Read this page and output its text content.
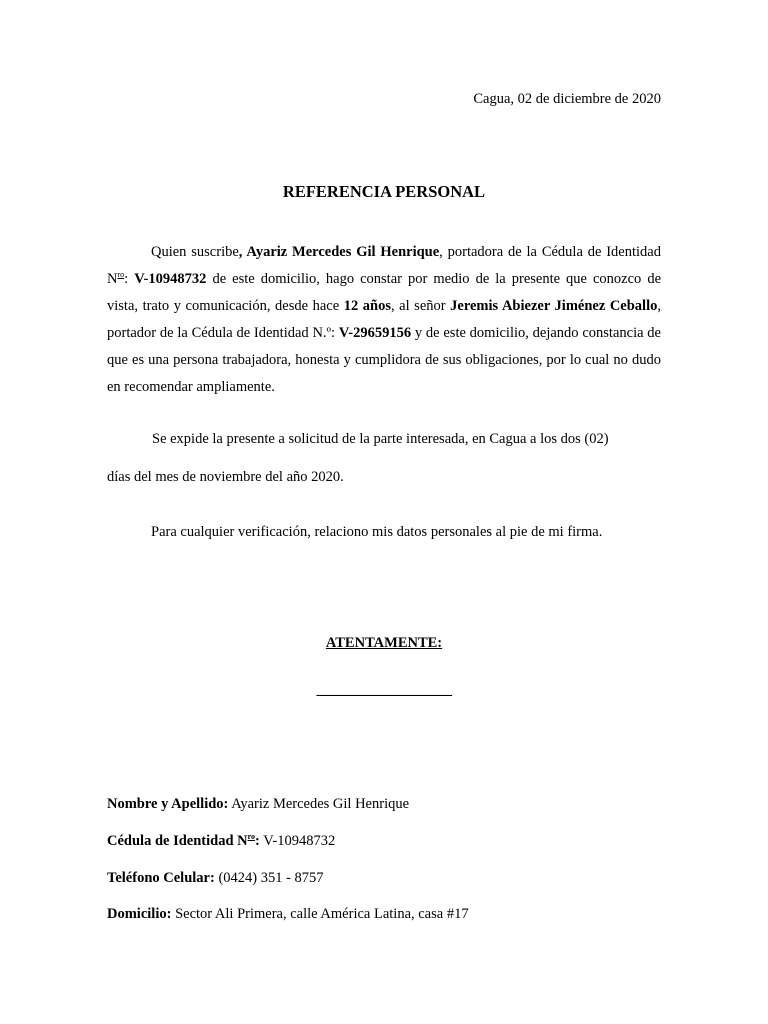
Cagua, 02 de diciembre de 2020
REFERENCIA PERSONAL

Quien suscribe, Ayariz Mercedes Gil Henrique, portadora de la Cédula de Identidad $N^{ro}$: V-10948732 de este domicilio, hago constar por medio de la presente que conozco de vista, trato y comunicación, desde hace 12 años, al señor Jeremis Abiezer Jiménez Ceballo, portador de la Cédula de Identidad N.º: V-29659156 y de este domicilio, dejando constancia de que es una persona trabajadora, honesta y cumplidora de sus obligaciones, por lo cual no dudo en recomendar ampliamente.

Se expide la presente a solicitud de la parte interesada, en Cagua a los dos (02)
días del mes de noviembre del año 2020.
Para cualquier verificación, relaciono mis datos personales al pie de mi firma.
ATENTAMENTE:
____________________
Nombre y Apellido: Ayariz Mercedes Gil Henrique
Cédula de Identidad $N^{ro}$: V-10948732
Teléfono Celular: (0424) 351 - 8757
Domicilio: Sector Ali Primera, calle América Latina, casa #17
